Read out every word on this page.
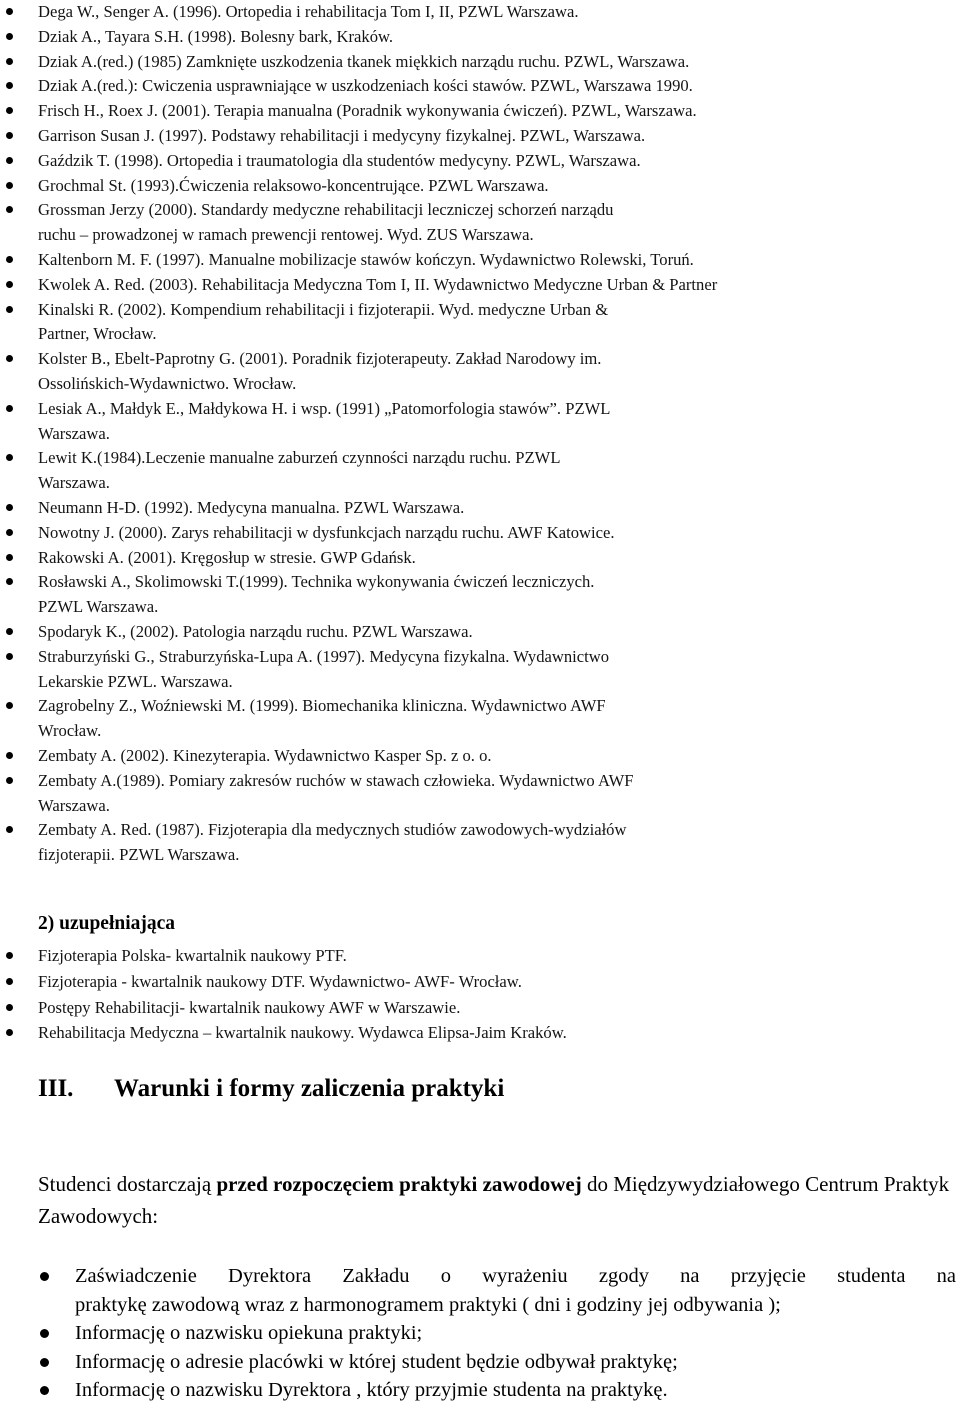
Dega W., Senger A. (1996). Ortopedia i rehabilitacja Tom I, II, PZWL Warszawa.
Dziak A., Tayara S.H. (1998). Bolesny bark, Kraków.
Dziak A.(red.) (1985) Zamknięte uszkodzenia tkanek miękkich narządu ruchu. PZWL, Warszawa.
Dziak A.(red.): Cwiczenia usprawniające w uszkodzeniach kości stawów. PZWL, Warszawa 1990.
Frisch H., Roex J. (2001). Terapia manualna (Poradnik wykonywania ćwiczeń). PZWL, Warszawa.
Garrison Susan J. (1997). Podstawy rehabilitacji i medycyny fizykalnej. PZWL, Warszawa.
Gaździk T. (1998). Ortopedia i traumatologia dla studentów medycyny. PZWL, Warszawa.
Grochmal St. (1993).Ćwiczenia relaksowo-koncentrujące. PZWL Warszawa.
Grossman Jerzy (2000). Standardy medyczne rehabilitacji leczniczej schorzeń narządu
ruchu – prowadzonej w ramach prewencji rentowej. Wyd. ZUS Warszawa.
Kaltenborn M. F. (1997). Manualne mobilizacje stawów kończyn. Wydawnictwo Rolewski, Toruń.
Kwolek A. Red. (2003). Rehabilitacja Medyczna Tom I, II. Wydawnictwo Medyczne Urban & Partner
Kinalski R. (2002). Kompendium rehabilitacji i fizjoterapii. Wyd. medyczne Urban &
Partner, Wrocław.
Kolster B., Ebelt-Paprotny G. (2001). Poradnik fizjoterapeuty. Zakład Narodowy im.
Ossolińskich-Wydawnictwo. Wrocław.
Lesiak A., Małdyk E., Małdykowa H. i wsp. (1991) „Patomorfologia stawów”. PZWL
Warszawa.
Lewit K.(1984).Leczenie manualne zaburzeń czynności narządu ruchu. PZWL
Warszawa.
Neumann H-D. (1992). Medycyna manualna. PZWL Warszawa.
Nowotny J. (2000). Zarys rehabilitacji w dysfunkcjach narządu ruchu. AWF Katowice.
Rakowski A. (2001). Kręgosłup w stresie. GWP Gdańsk.
Rosławski A., Skolimowski T.(1999). Technika wykonywania ćwiczeń leczniczych.
PZWL Warszawa.
Spodaryk K., (2002). Patologia narządu ruchu. PZWL Warszawa.
Straburzyński G., Straburzyńska-Lupa A. (1997). Medycyna fizykalna. Wydawnictwo
Lekarskie PZWL. Warszawa.
Zagrobelny Z., Woźniewski M. (1999). Biomechanika kliniczna. Wydawnictwo AWF
Wrocław.
Zembaty A. (2002). Kinezyterapia. Wydawnictwo Kasper Sp. z o. o.
Zembaty A.(1989). Pomiary zakresów ruchów w stawach człowieka. Wydawnictwo AWF
Warszawa.
Zembaty A. Red. (1987). Fizjoterapia dla medycznych studiów zawodowych-wydziałów
fizjoterapii. PZWL Warszawa.
2) uzupełniająca
Fizjoterapia Polska- kwartalnik naukowy PTF.
Fizjoterapia - kwartalnik naukowy DTF. Wydawnictwo- AWF- Wrocław.
Postępy Rehabilitacji- kwartalnik naukowy AWF w Warszawie.
Rehabilitacja Medyczna – kwartalnik naukowy. Wydawca Elipsa-Jaim Kraków.
III. Warunki i formy zaliczenia praktyki

Studenci dostarczają przed rozpoczęciem praktyki zawodowej do Międzywydziałowego Centrum Praktyk Zawodowych:

Zaświadczenie Dyrektora Zakładu o wyrażeniu zgody na przyjęcie studenta na
praktykę zawodową wraz z harmonogramem praktyki ( dni i godziny jej odbywania );
Informację o nazwisku opiekuna praktyki;
Informację o adresie placówki w której student będzie odbywał praktykę;
Informację o nazwisku Dyrektora , który przyjmie studenta na praktykę.
